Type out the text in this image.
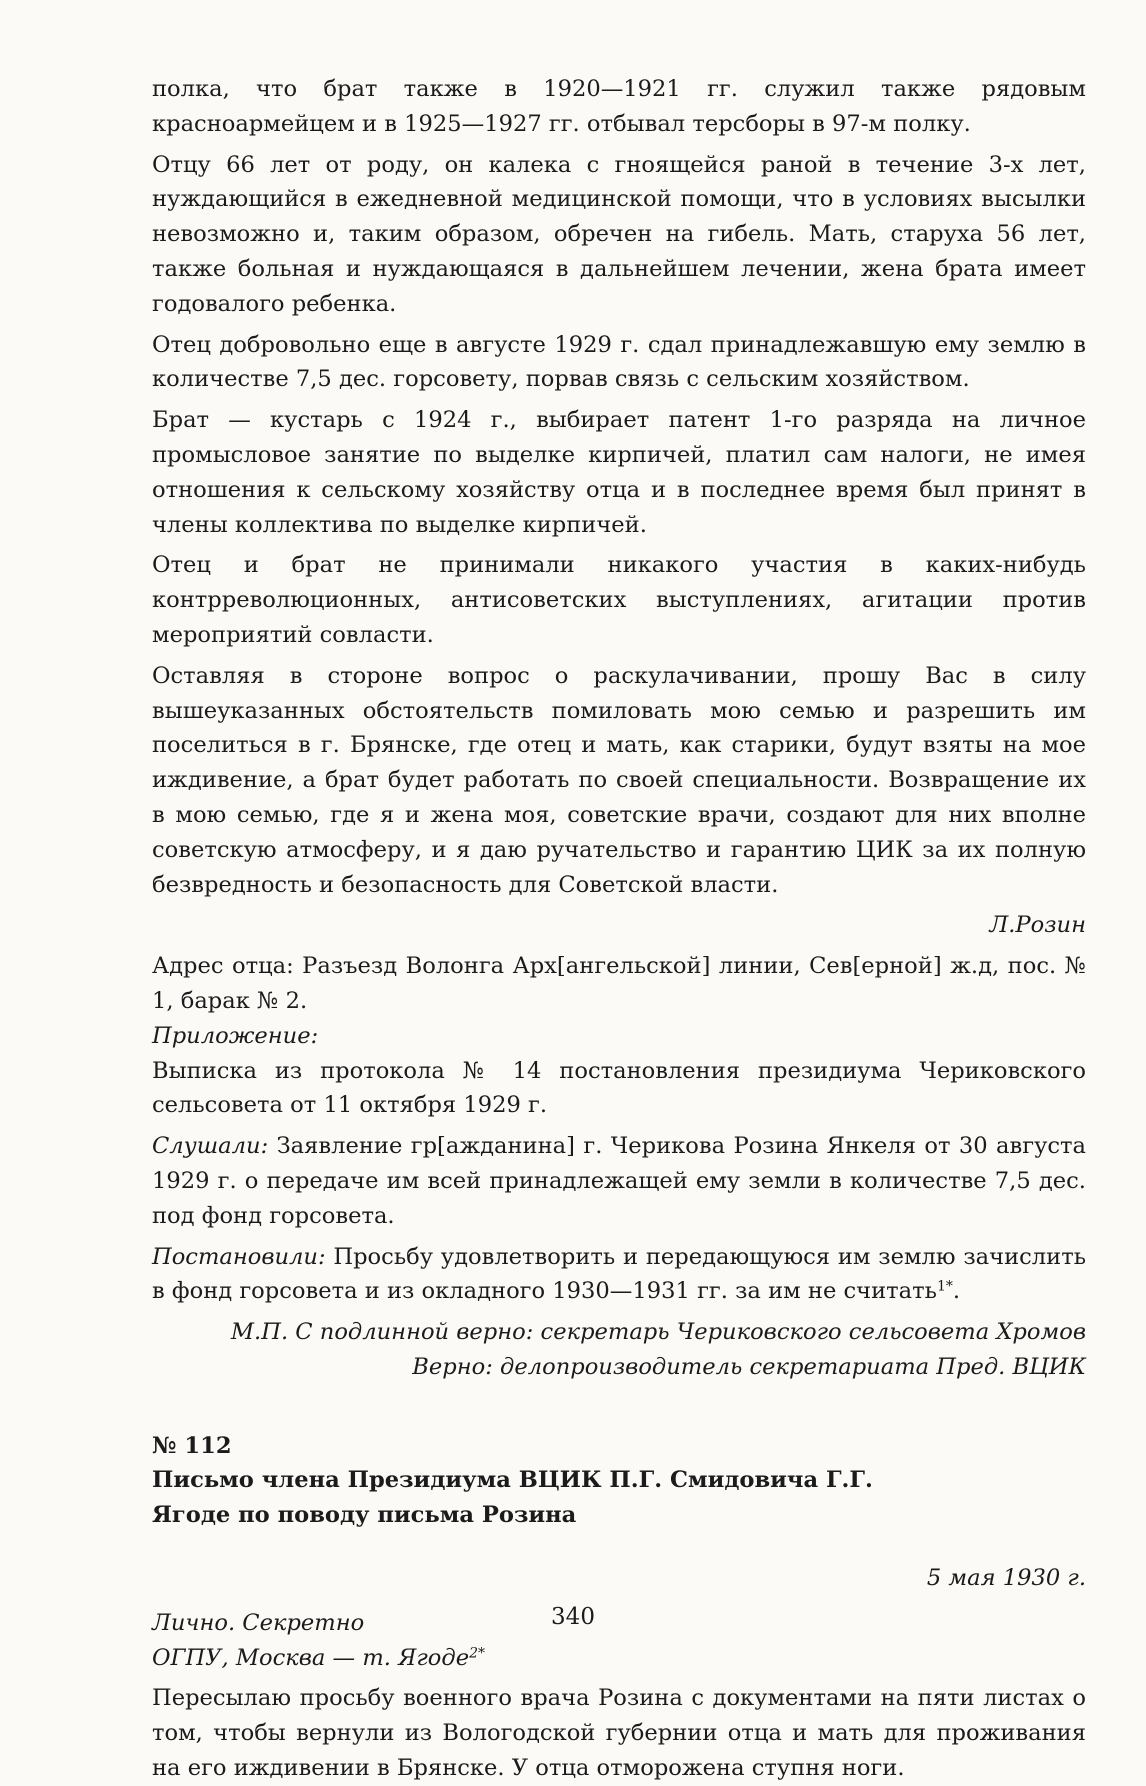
полка, что брат также в 1920—1921 гг. служил также рядовым красноармейцем и в 1925—1927 гг. отбывал терсборы в 97-м полку.

Отцу 66 лет от роду, он калека с гноящейся раной в течение 3-х лет, нуждающийся в ежедневной медицинской помощи, что в условиях высылки невозможно и, таким образом, обречен на гибель. Мать, старуха 56 лет, также больная и нуждающаяся в дальнейшем лечении, жена брата имеет годовалого ребенка.

Отец добровольно еще в августе 1929 г. сдал принадлежавшую ему землю в количестве 7,5 дес. горсовету, порвав связь с сельским хозяйством.

Брат — кустарь с 1924 г., выбирает патент 1-го разряда на личное промысловое занятие по выделке кирпичей, платил сам налоги, не имея отношения к сельскому хозяйству отца и в последнее время был принят в члены коллектива по выделке кирпичей.

Отец и брат не принимали никакого участия в каких-нибудь контрреволюционных, антисоветских выступлениях, агитации против мероприятий совласти.

Оставляя в стороне вопрос о раскулачивании, прошу Вас в силу вышеуказанных обстоятельств помиловать мою семью и разрешить им поселиться в г. Брянске, где отец и мать, как старики, будут взяты на мое иждивение, а брат будет работать по своей специальности. Возвращение их в мою семью, где я и жена моя, советские врачи, создают для них вполне советскую атмосферу, и я даю ручательство и гарантию ЦИК за их полную безвредность и безопасность для Советской власти.

Л.Розин

Адрес отца: Разъезд Волонга Арх[ангельской] линии, Сев[ерной] ж.д, пос. № 1, барак № 2.

Приложение:

Выписка из протокола № 14 постановления президиума Чериковского сельсовета от 11 октября 1929 г.

Слушали: Заявление гр[ажданина] г. Черикова Розина Янкеля от 30 августа 1929 г. о передаче им всей принадлежащей ему земли в количестве 7,5 дес. под фонд горсовета.

Постановили: Просьбу удовлетворить и передающуюся им землю зачислить в фонд горсовета и из окладного 1930—1931 гг. за им не считать$^{1*}$.

М.П. С подлинной верно: секретарь Чериковского сельсовета Хромов

Верно: делопроизводитель секретариата Пред. ВЦИК

№ 112

Письмо члена Президиума ВЦИК П.Г. Смидовича Г.Г. Ягоде по поводу письма Розина

5 мая 1930 г.

Лично. Секретно

ОГПУ, Москва — т. Ягоде$^{2*}$

Пересылаю просьбу военного врача Розина с документами на пяти листах о том, чтобы вернули из Вологодской губернии отца и мать для проживания на его иждивении в Брянске. У отца отморожена ступня ноги.

340
